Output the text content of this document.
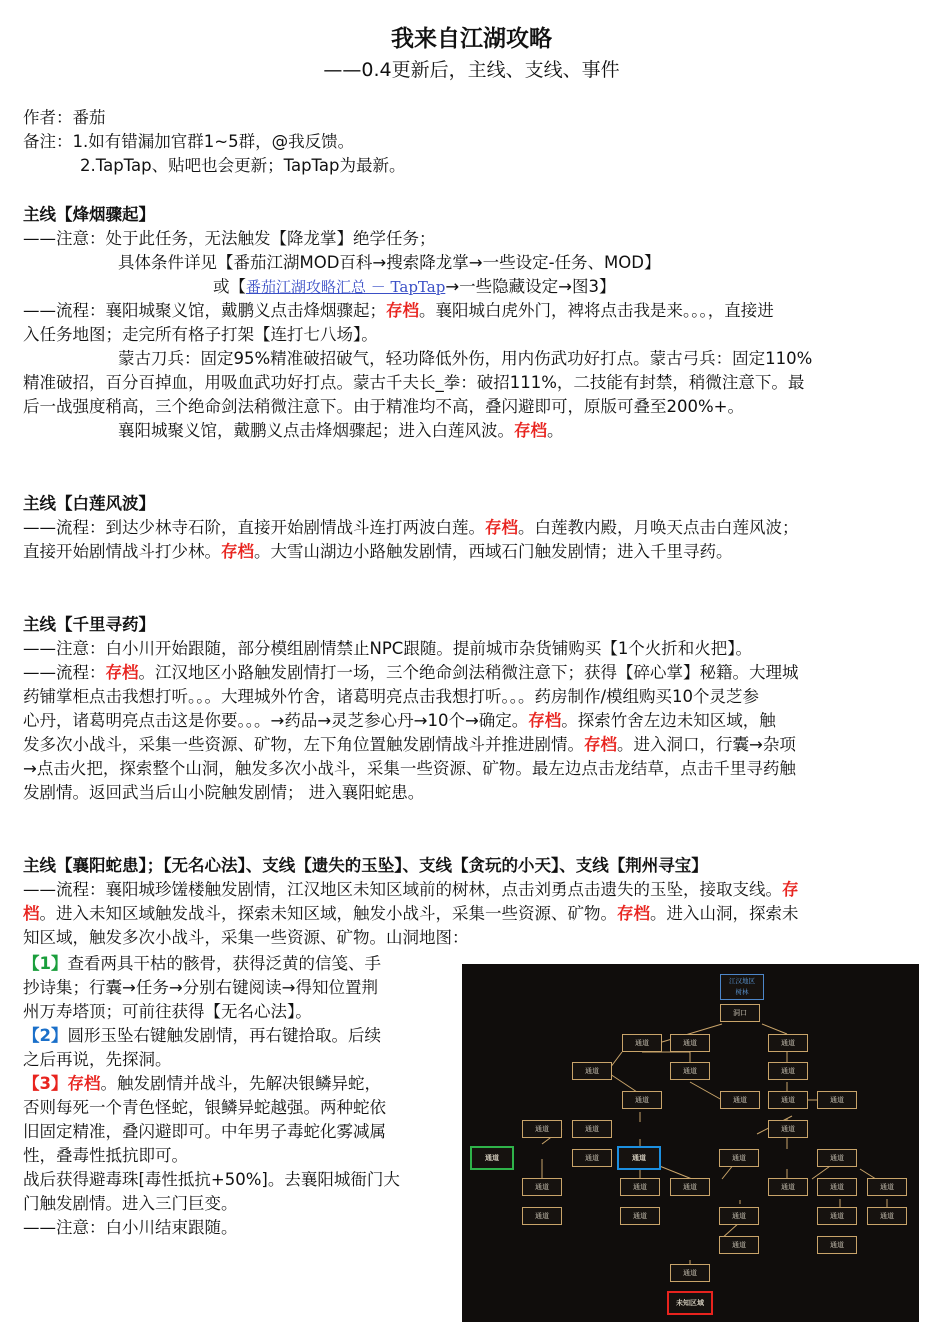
我来自江湖攻略
——0.4更新后，主线、支线、事件
作者：番茄
备注：1.如有错漏加官群1~5群，@我反馈。
2.TapTap、贴吧也会更新；TapTap为最新。
主线【烽烟骤起】
——注意：处于此任务，无法触发【降龙掌】绝学任务；
具体条件详见【番茄江湖MOD百科→搜索降龙掌→一些设定-任务、MOD】
或【番茄江湖攻略汇总 － TapTap→一些隐藏设定→图3】
——流程：襄阳城聚义馆，戴鹏义点击烽烟骤起；存档。襄阳城白虎外门，裨将点击我是来。。。，直接进
入任务地图；走完所有格子打架【连打七八场】。
蒙古刀兵：固定95%精准破招破气，轻功降低外伤，用内伤武功好打点。蒙古弓兵：固定110%
精准破招，百分百掉血，用吸血武功好打点。蒙古千夫长_拳：破招111%，二技能有封禁，稍微注意下。最
后一战强度稍高，三个绝命剑法稍微注意下。由于精准均不高，叠闪避即可，原版可叠至200%+。
襄阳城聚义馆，戴鹏义点击烽烟骤起；进入白莲风波。存档。
主线【白莲风波】
——流程：到达少林寺石阶，直接开始剧情战斗连打两波白莲。存档。白莲教内殿，月唤天点击白莲风波；
直接开始剧情战斗打少林。存档。大雪山湖边小路触发剧情，西域石门触发剧情；进入千里寻药。
主线【千里寻药】
——注意：白小川开始跟随，部分模组剧情禁止NPC跟随。提前城市杂货铺购买【1个火折和火把】。
——流程：存档。江汉地区小路触发剧情打一场，三个绝命剑法稍微注意下；获得【碎心掌】秘籍。大理城
药铺掌柜点击我想打听。。。大理城外竹舍，诸葛明亮点击我想打听。。。药房制作/模组购买10个灵芝参
心丹，诸葛明亮点击这是你要。。。→药品→灵芝参心丹→10个→确定。存档。探索竹舍左边未知区域，触
发多次小战斗，采集一些资源、矿物，左下角位置触发剧情战斗并推进剧情。存档。进入洞口，行囊→杂项
→点击火把，探索整个山洞，触发多次小战斗，采集一些资源、矿物。最左边点击龙结草，点击千里寻药触
发剧情。返回武当后山小院触发剧情； 进入襄阳蛇患。
主线【襄阳蛇患】；【无名心法】、支线【遗失的玉坠】、支线【贪玩的小天】、支线【荆州寻宝】
——流程：襄阳城珍馐楼触发剧情，江汉地区未知区域前的树林，点击刘勇点击遗失的玉坠，接取支线。存
档。进入未知区域触发战斗，探索未知区域，触发小战斗，采集一些资源、矿物。存档。进入山洞，探索未
知区域，触发多次小战斗，采集一些资源、矿物。山洞地图：
【1】查看两具干枯的骸骨，获得泛黄的信笺、手
抄诗集；行囊→任务→分别右键阅读→得知位置荆
州万寿塔顶；可前往获得【无名心法】。
【2】圆形玉坠右键触发剧情，再右键拾取。后续
之后再说，先探洞。
【3】存档。触发剧情并战斗，先解决银鳞异蛇，
否则每死一个青色怪蛇，银鳞异蛇越强。两种蛇依
旧固定精准，叠闪避即可。中年男子毒蛇化雾减属
性，叠毒性抵抗即可。
战后获得避毒珠[毒性抵抗+50%]。去襄阳城衙门大
门触发剧情。进入三门巨变。
——注意：白小川结束跟随。
江汉地区
树林
洞口
通道	通道	通道
通道	通道	通道
通道	通道	通道	通道
通道	通道	通道
通道	通道	通道	通道	通道
通道	通道	通道	通道	通道	通道
通道	通道	通道	通道	通道
通道	通道
通道
未知区域
